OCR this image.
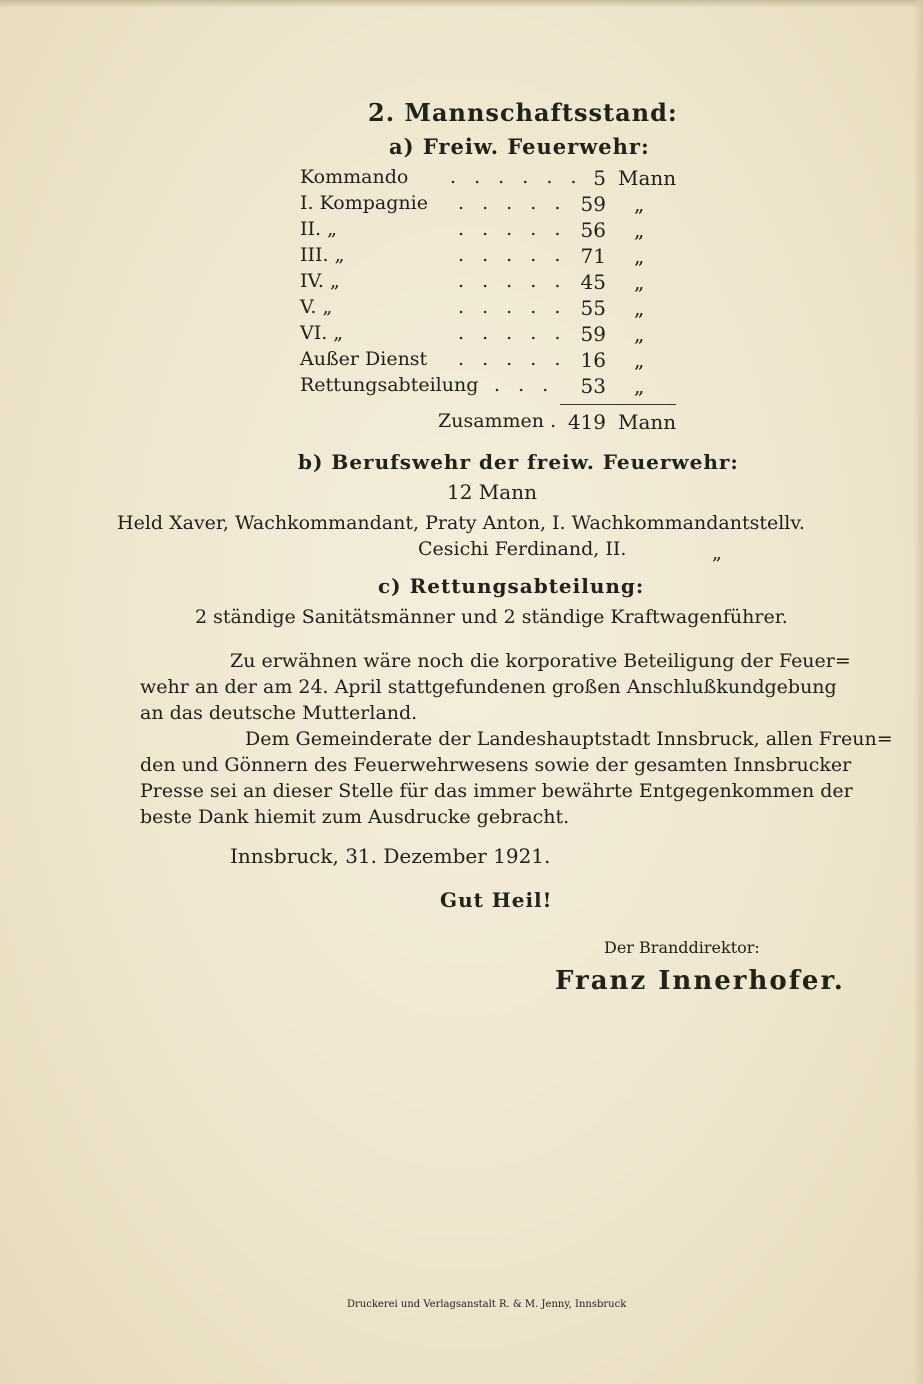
2. Mannschaftsstand:
a) Freiw. Feuerwehr:
Kommando . . . . . . 5 Mann
I. Kompagnie . . . . . 59 „
II. „	. . . . . 56 „
III. „	. . . . . 71 „
IV. „	. . . . . 45 „
V. „	. . . . . 55 „
VI. „	. . . . . 59 „
Außer Dienst . . . . . 16 „
Rettungsabteilung . . .	53 „
Zusammen . 419 Mann
b) Berufswehr der freiw. Feuerwehr:
12 Mann
Held Xaver, Wachkommandant, Praty Anton, I. Wachkommandantstellv.
Cesichi Ferdinand, II.	„
c) Rettungsabteilung:
2 ständige Sanitätsmänner und 2 ständige Kraftwagenführer.
Zu erwähnen wäre noch die korporative Beteiligung der Feuer=
wehr an der am 24. April stattgefundenen großen Anschlußkundgebung
an das deutsche Mutterland.
Dem Gemeinderate der Landeshauptstadt Innsbruck, allen Freun=
den und Gönnern des Feuerwehrwesens sowie der gesamten Innsbrucker
Presse sei an dieser Stelle für das immer bewährte Entgegenkommen der
beste Dank hiemit zum Ausdrucke gebracht.
Innsbruck, 31. Dezember 1921.
Gut Heil!
Der Branddirektor:
Franz Innerhofer.
Druckerei und Verlagsanstalt R. & M. Jenny, Innsbruck
